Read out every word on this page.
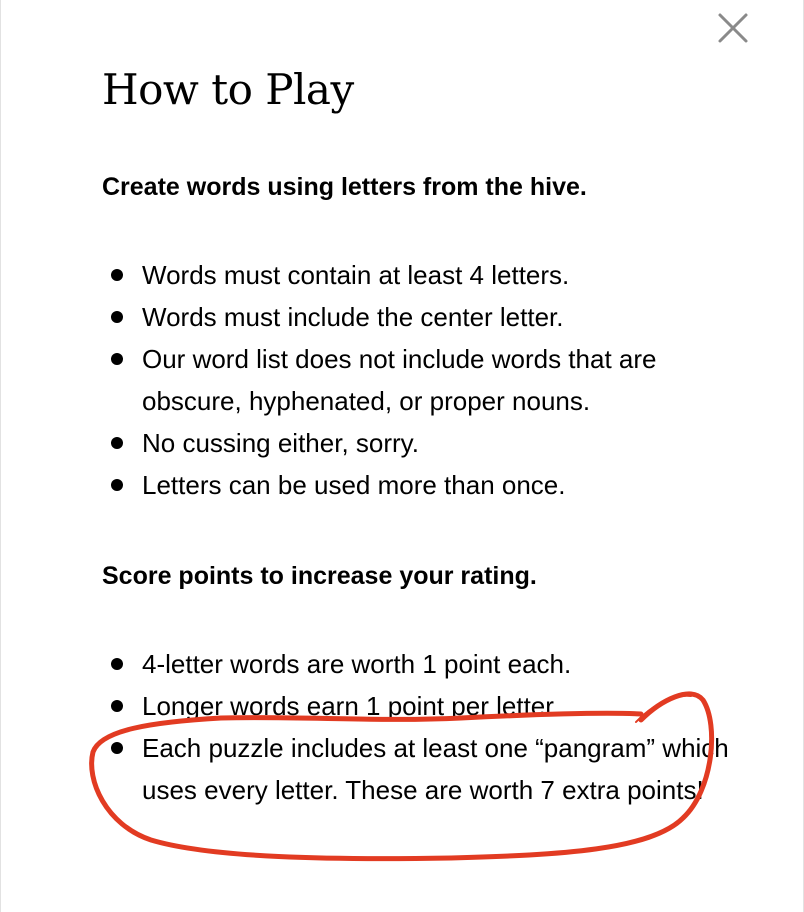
How to Play
Create words using letters from the hive.
Words must contain at least 4 letters.
Words must include the center letter.
Our word list does not include words that are obscure, hyphenated, or proper nouns.
No cussing either, sorry.
Letters can be used more than once.
Score points to increase your rating.
4-letter words are worth 1 point each.
Longer words earn 1 point per letter.
Each puzzle includes at least one “pangram” which uses every letter. These are worth 7 extra points!
